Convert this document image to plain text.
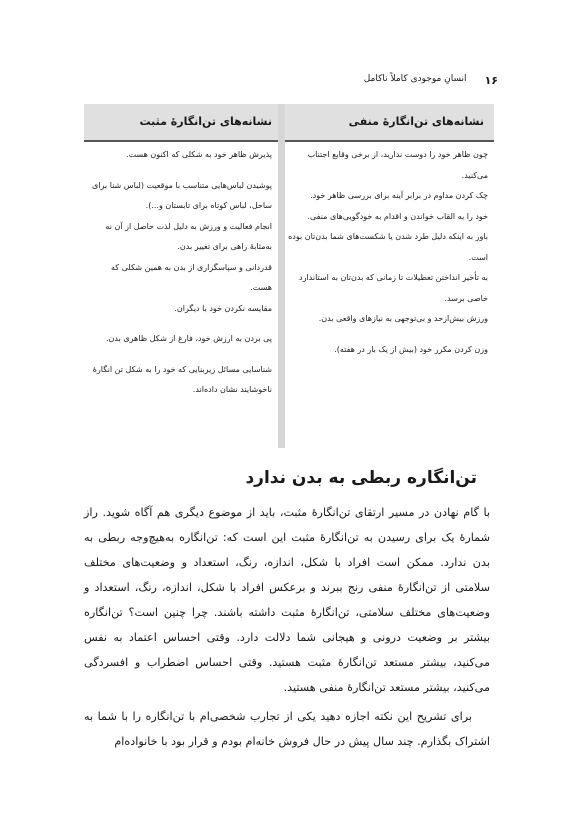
۱۶
انسانِ موجودی کاملاً ناکامل
نشانه‌های تن‌انگارهٔ منفی
نشانه‌های تن‌انگارهٔ مثبت

چون ظاهر خود را دوست ندارید، از برخی وقایع اجتناب می‌کنید.

چک کردن مداوم در برابر آینه برای بررسی ظاهر خود.

خود را به القاب خواندن و اقدام به خودگویی‌های منفی.

باور به اینکه دلیل طرد شدن یا شکست‌های شما بدن‌تان بوده است.

به تأخیر انداختن تعطیلات تا زمانی که بدن‌تان به استاندارد خاصی برسد.

ورزش بیش‌ازحد و بی‌توجهی به نیازهای واقعی بدن.

وزن کردن مکرر خود (بیش از یک بار در هفته).

پذیرش ظاهر خود به شکلی که اکنون هست.

پوشیدن لباس‌هایی متناسب با موقعیت (لباس شنا برای ساحل، لباس کوتاه برای تابستان و...).

انجام فعالیت و ورزش به دلیل لذت حاصل از آن نه به‌مثابهٔ راهی برای تغییر بدن.

قدردانی و سپاسگزاری از بدن به همین شکلی که هست.

مقایسه نکردن خود با دیگران.

پی بردن به ارزش خود، فارغ از شکل ظاهری بدن.

شناسایی مسائل زیربنایی که خود را به شکل تن انگارهٔ ناخوشایند نشان داده‌اند.

تن‌انگاره ربطی به بدن ندارد

با گام نهادن در مسیر ارتقای تن‌انگارهٔ مثبت، باید از موضوع دیگری هم آگاه شوید. راز شمارهٔ یک برای رسیدن به تن‌انگارهٔ مثبت این است که: تن‌انگاره به‌هیچ‌وجه ربطی به بدن ندارد. ممکن است افراد با شکل، اندازه، رنگ، استعداد و وضعیت‌های مختلف سلامتی از تن‌انگارهٔ منفی رنج ببرند و برعکس افراد با شکل، اندازه، رنگ، استعداد و وضعیت‌های مختلف سلامتی، تن‌انگارهٔ مثبت داشته باشند. چرا چنین است؟ تن‌انگاره بیشتر بر وضعیت درونی و هیجانی شما دلالت دارد. وقتی احساس اعتماد به نفس می‌کنید، بیشتر مستعد تن‌انگارهٔ مثبت هستید. وقتی احساس اضطراب و افسردگی می‌کنید، بیشتر مستعد تن‌انگارهٔ منفی هستید.

برای تشریح این نکته اجازه دهید یکی از تجارب شخصی‌ام با تن‌انگاره را با شما به اشتراک بگذارم. چند سال پیش در حال فروش خانه‌ام بودم و قرار بود با خانواده‌ام
